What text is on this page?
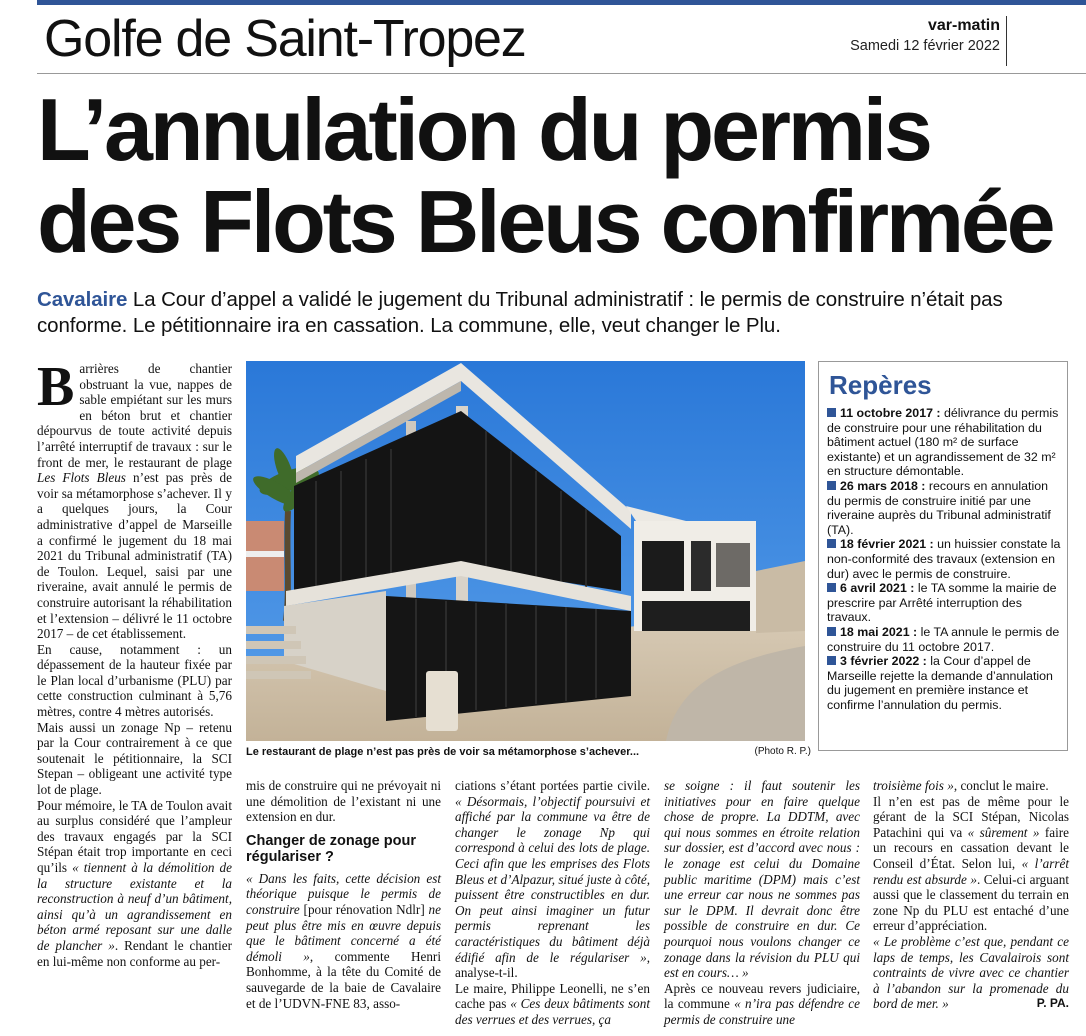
Golfe de Saint-Tropez	var-matin
Samedi 12 février 2022
L’annulation du permis
des Flots Bleus confirmée
Cavalaire La Cour d’appel a validé le jugement du Tribunal administratif : le permis de construire n’était pas conforme. Le pétitionnaire ira en cassation. La commune, elle, veut changer le Plu.

Barrières de chantier obstruant la vue, nappes de sable empiétant sur les murs en béton brut et chantier dépourvus de toute activité depuis l’arrêté interruptif de travaux : sur le front de mer, le restaurant de plage Les Flots Bleus n’est pas près de voir sa métamorphose s’achever. Il y a quelques jours, la Cour administrative d’appel de Marseille a confirmé le jugement du 18 mai 2021 du Tribunal administratif (TA) de Toulon. Lequel, saisi par une riveraine, avait annulé le permis de construire autorisant la réhabilitation et l’extension – délivré le 11 octobre 2017 – de cet établissement.

En cause, notamment : un dépassement de la hauteur fixée par le Plan local d’urbanisme (PLU) par cette construction culminant à 5,76 mètres, contre 4 mètres autorisés.

Mais aussi un zonage Np – retenu par la Cour contrairement à ce que soutenait le pétitionnaire, la SCI Stepan – obligeant une activité type lot de plage.

Pour mémoire, le TA de Toulon avait au surplus considéré que l’ampleur des travaux engagés par la SCI Stépan était trop importante en ceci qu’ils « tiennent à la démolition de la structure existante et la reconstruction à neuf d’un bâtiment, ainsi qu’à un agrandissement en béton armé reposant sur une dalle de plancher ». Rendant le chantier en lui-même non conforme au per-

Le restaurant de plage n’est pas près de voir sa métamorphose s’achever...	(Photo R. P.)
Repères
11 octobre 2017 : délivrance du permis de construire pour une réhabilitation du bâtiment actuel (180 m² de surface existante) et un agrandissement de 32 m² en structure démontable.
26 mars 2018 : recours en annulation du permis de construire initié par une riveraine auprès du Tribunal administratif (TA).
18 février 2021 : un huissier constate la non-conformité des travaux (extension en dur) avec le permis de construire.
6 avril 2021 : le TA somme la mairie de prescrire par Arrêté interruption des travaux.
18 mai 2021 : le TA annule le permis de construire du 11 octobre 2017.
3 février 2022 : la Cour d’appel de Marseille rejette la demande d’annulation du jugement en première instance et confirme l’annulation du permis.

mis de construire qui ne prévoyait ni une démolition de l’existant ni une extension en dur.

Changer de zonage pour régulariser ?

« Dans les faits, cette décision est théorique puisque le permis de construire [pour rénovation Ndlr] ne peut plus être mis en œuvre depuis que le bâtiment concerné a été démoli », commente Henri Bonhomme, à la tête du Comité de sauvegarde de la baie de Cavalaire et de l’UDVN-FNE 83, asso-

ciations s’étant portées partie civile. « Désormais, l’objectif poursuivi et affiché par la commune va être de changer le zonage Np qui correspond à celui des lots de plage. Ceci afin que les emprises des Flots Bleus et d’Alpazur, situé juste à côté, puissent être constructibles en dur. On peut ainsi imaginer un futur permis reprenant les caractéristiques du bâtiment déjà édifié afin de le régulariser », analyse-t-il.

Le maire, Philippe Leonelli, ne s’en cache pas « Ces deux bâtiments sont des verrues et des verrues, ça

se soigne : il faut soutenir les initiatives pour en faire quelque chose de propre. La DDTM, avec qui nous sommes en étroite relation sur dossier, est d’accord avec nous : le zonage est celui du Domaine public maritime (DPM) mais c’est une erreur car nous ne sommes pas sur le DPM. Il devrait donc être possible de construire en dur. Ce pourquoi nous voulons changer ce zonage dans la révision du PLU qui est en cours… »

Après ce nouveau revers judiciaire, la commune « n’ira pas défendre ce permis de construire une

troisième fois », conclut le maire.

Il n’en est pas de même pour le gérant de la SCI Stépan, Nicolas Patachini qui va « sûrement » faire un recours en cassation devant le Conseil d’État. Selon lui, « l’arrêt rendu est absurde ». Celui-ci arguant aussi que le classement du terrain en zone Np du PLU est entaché d’une erreur d’appréciation.

« Le problème c’est que, pendant ce laps de temps, les Cavalairois sont contraints de vivre avec ce chantier à l’abandon sur la promenade du bord de mer. »	P. PA.
